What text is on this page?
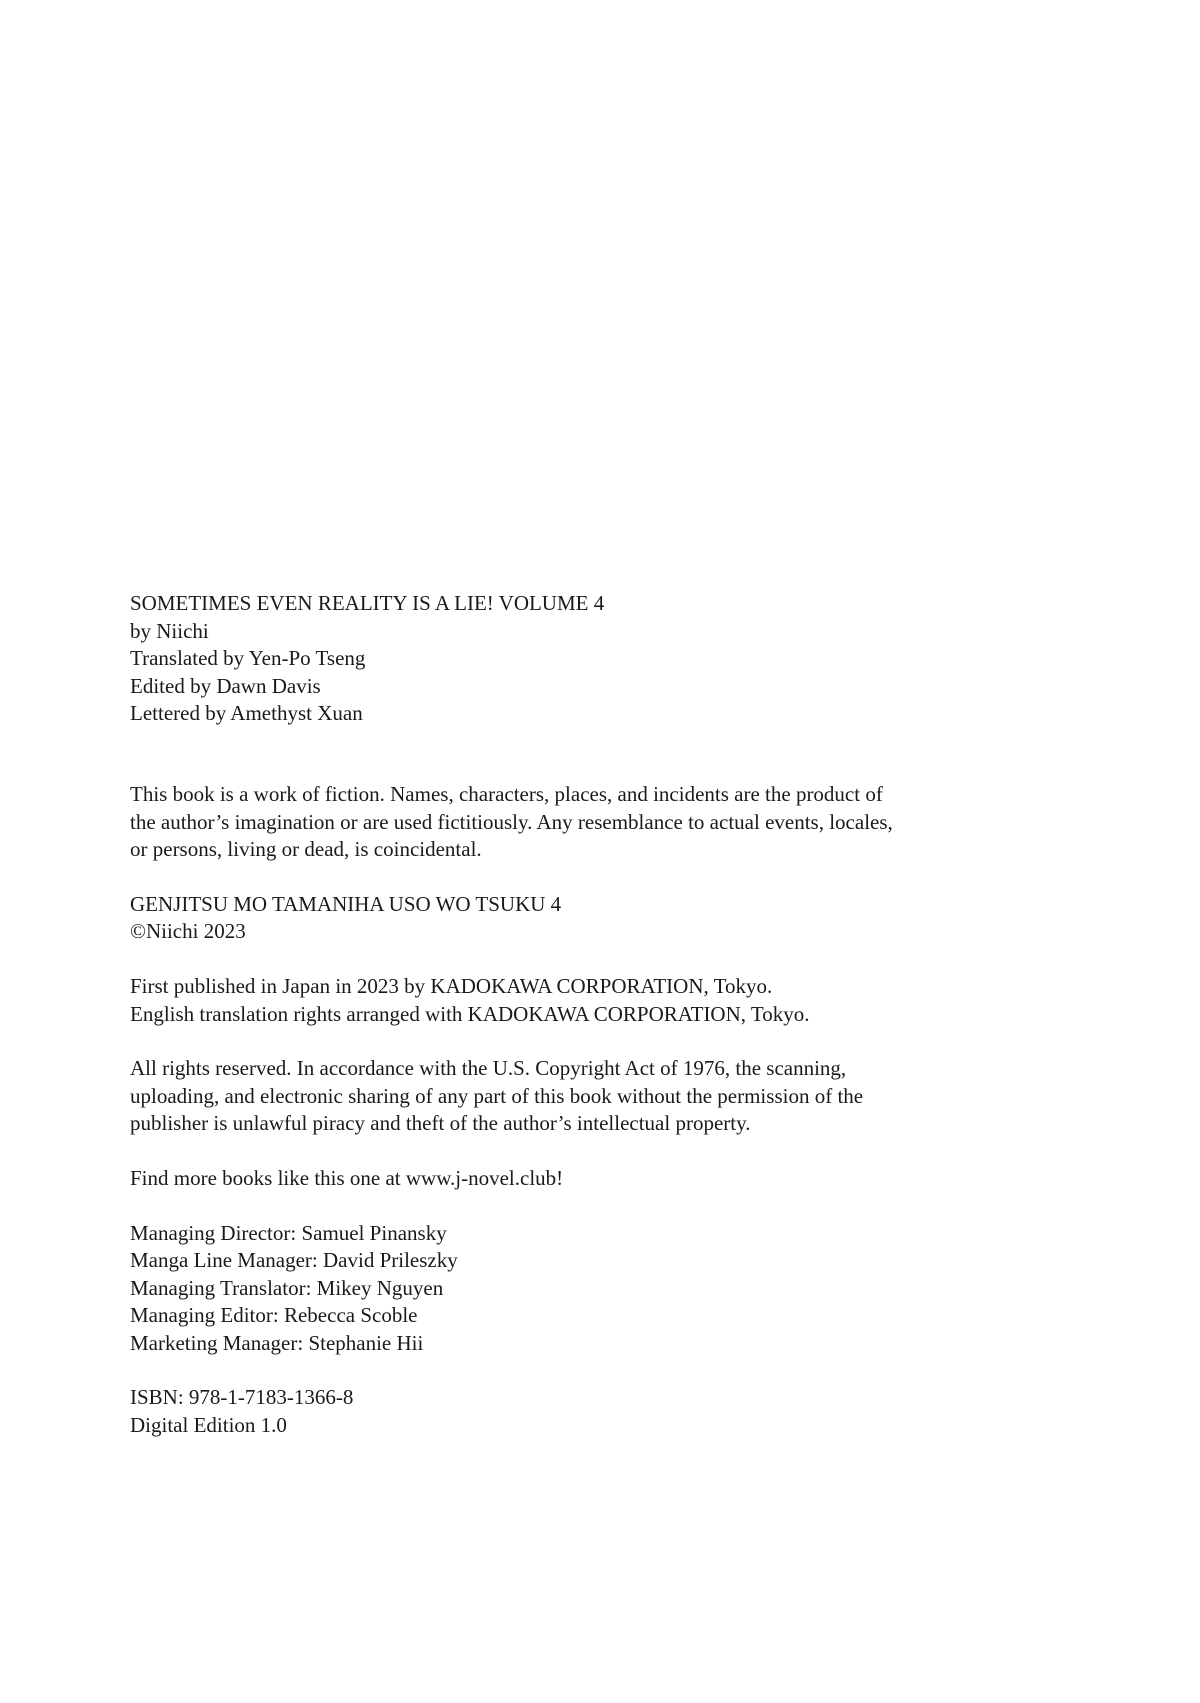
SOMETIMES EVEN REALITY IS A LIE! VOLUME 4
by Niichi
Translated by Yen-Po Tseng
Edited by Dawn Davis
Lettered by Amethyst Xuan

This book is a work of fiction. Names, characters, places, and incidents are the product of
the author’s imagination or are used fictitiously. Any resemblance to actual events, locales,
or persons, living or dead, is coincidental.

GENJITSU MO TAMANIHA USO WO TSUKU 4
©Niichi 2023

First published in Japan in 2023 by KADOKAWA CORPORATION, Tokyo.
English translation rights arranged with KADOKAWA CORPORATION, Tokyo.

All rights reserved. In accordance with the U.S. Copyright Act of 1976, the scanning,
uploading, and electronic sharing of any part of this book without the permission of the
publisher is unlawful piracy and theft of the author’s intellectual property.

Find more books like this one at www.j-novel.club!

Managing Director: Samuel Pinansky
Manga Line Manager: David Prileszky
Managing Translator: Mikey Nguyen
Managing Editor: Rebecca Scoble
Marketing Manager: Stephanie Hii

ISBN: 978-1-7183-1366-8
Digital Edition 1.0
